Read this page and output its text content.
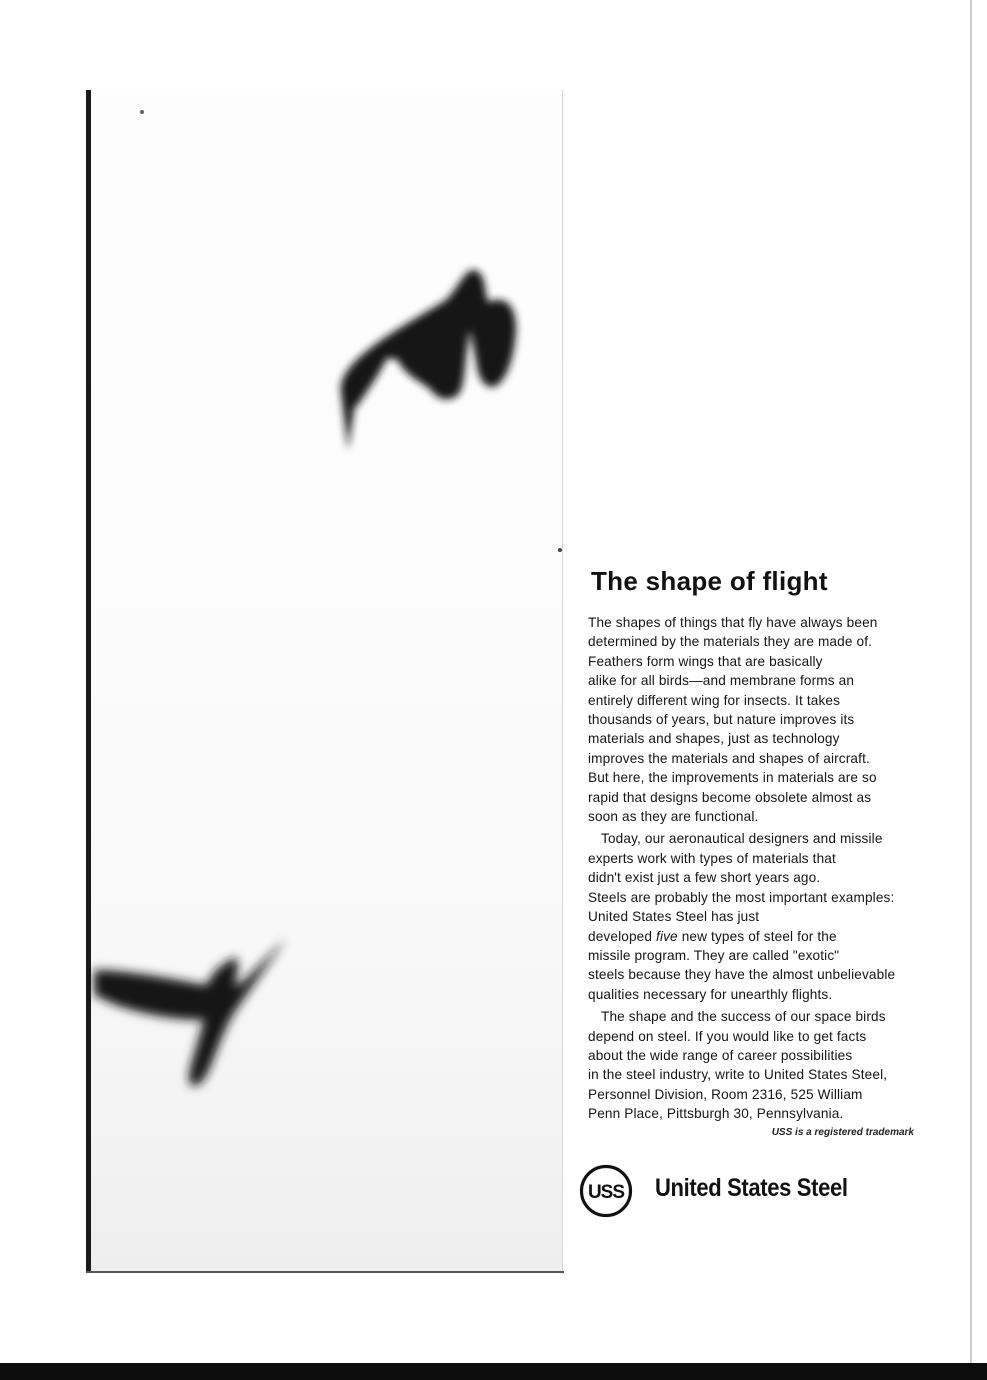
The shape of flight

The shapes of things that fly have always been
determined by the materials they are made of.
Feathers form wings that are basically
alike for all birds—and membrane forms an
entirely different wing for insects. It takes
thousands of years, but nature improves its
materials and shapes, just as technology
improves the materials and shapes of aircraft.
But here, the improvements in materials are so
rapid that designs become obsolete almost as
soon as they are functional.

Today, our aeronautical designers and missile
experts work with types of materials that
didn't exist just a few short years ago.
Steels are probably the most important examples:
United States Steel has just
developed five new types of steel for the
missile program. They are called "exotic"
steels because they have the almost unbelievable
qualities necessary for unearthly flights.

The shape and the success of our space birds
depend on steel. If you would like to get facts
about the wide range of career possibilities
in the steel industry, write to United States Steel,
Personnel Division, Room 2316, 525 William
Penn Place, Pittsburgh 30, Pennsylvania.

USS is a registered trademark
USS United States Steel
